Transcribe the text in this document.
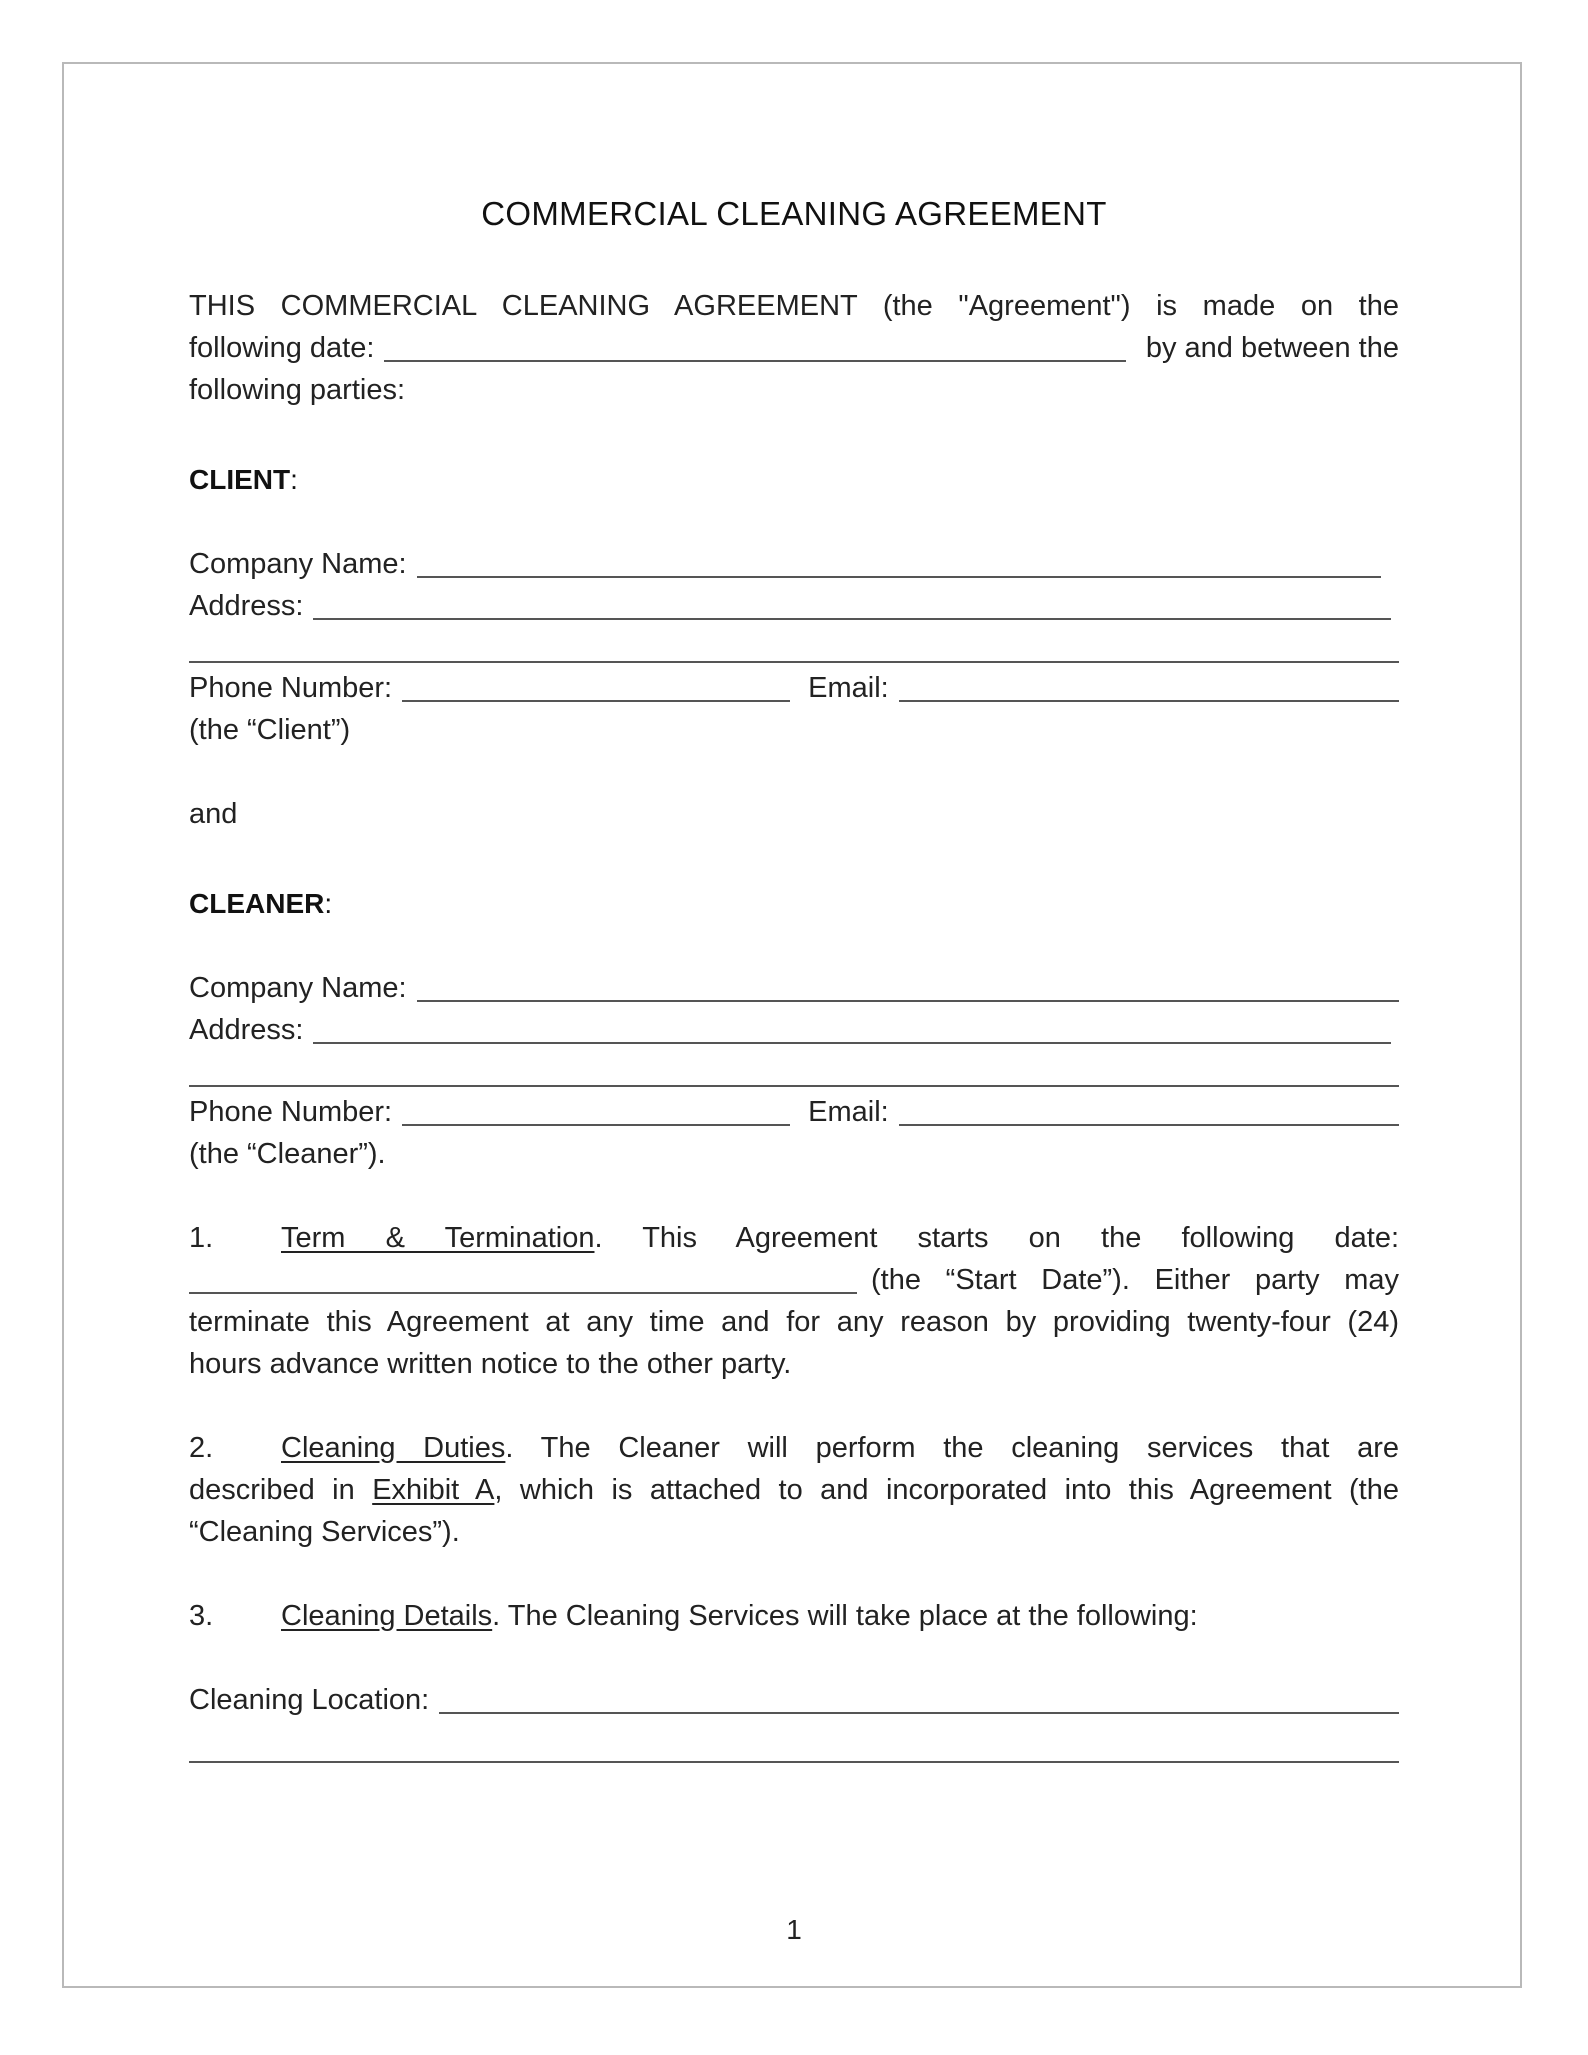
COMMERCIAL CLEANING AGREEMENT
THIS COMMERCIAL CLEANING AGREEMENT (the "Agreement") is made on the
following date:	by and between the
following parties:
CLIENT:
Company Name:
Address:
Phone Number:	Email:
(the “Client”)
and
CLEANER:
Company Name:
Address:
Phone Number:	Email:
(the “Cleaner”).
1. Term & Termination. This Agreement starts on the following date:
(the “Start Date”). Either party may
terminate this Agreement at any time and for any reason by providing twenty-four (24)
hours advance written notice to the other party.
2. Cleaning Duties. The Cleaner will perform the cleaning services that are
described in Exhibit A, which is attached to and incorporated into this Agreement (the
“Cleaning Services”).
3. Cleaning Details. The Cleaning Services will take place at the following:
Cleaning Location:
1
